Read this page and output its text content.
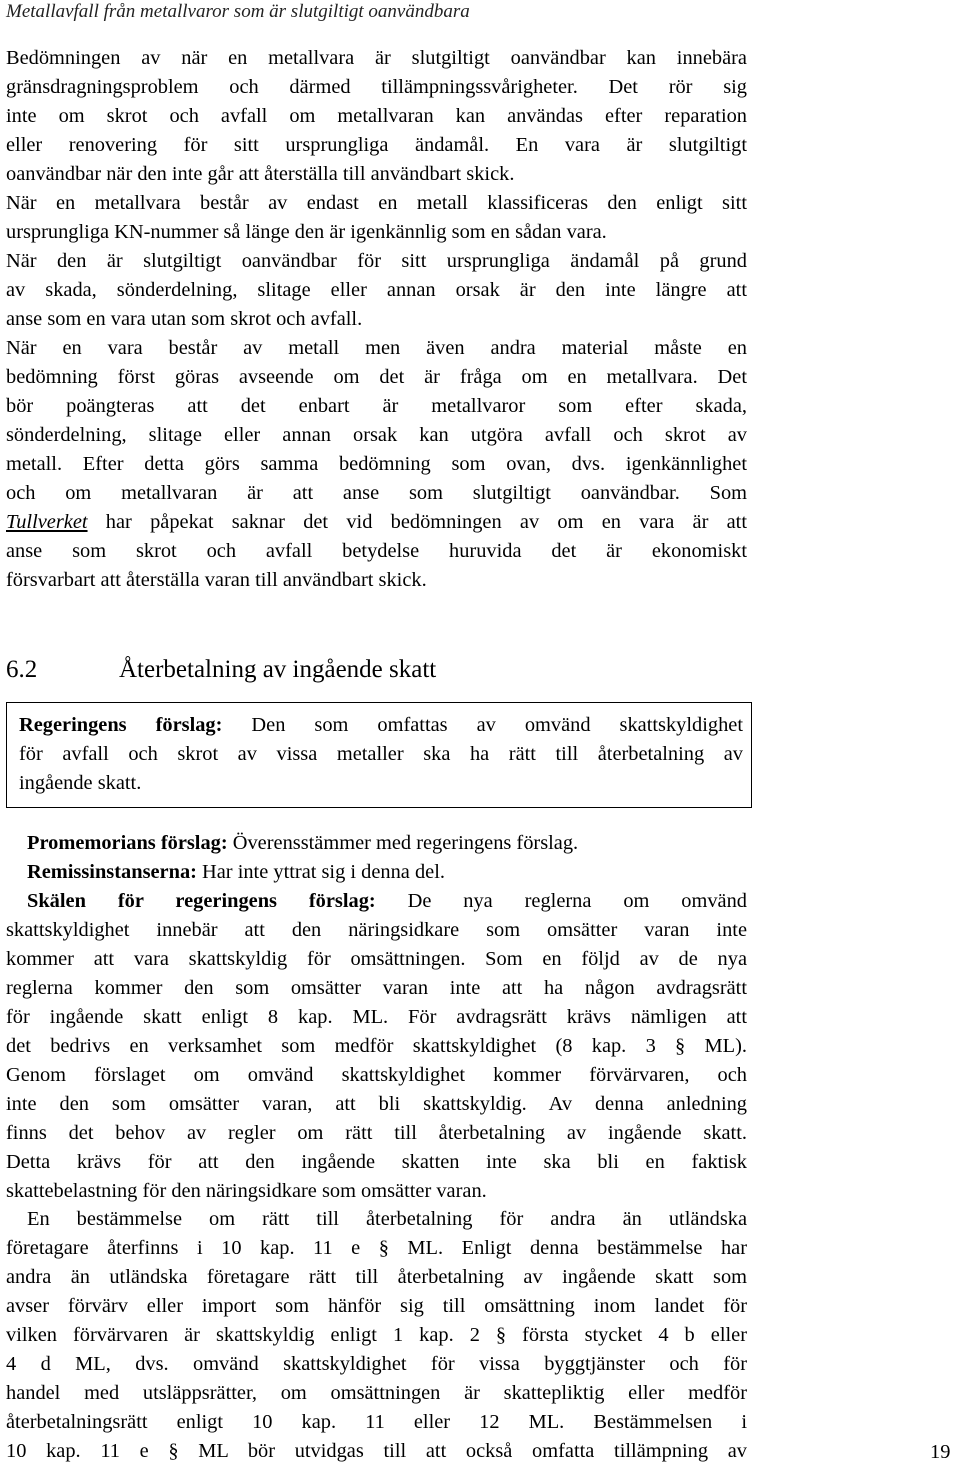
Metallavfall från metallvaror som är slutgiltigt oanvändbara

Bedömningen av när en metallvara är slutgiltigt oanvändbar kan innebära

gränsdragningsproblem och därmed tillämpningssvårigheter. Det rör sig

inte om skrot och avfall om metallvaran kan användas efter reparation

eller renovering för sitt ursprungliga ändamål. En vara är slutgiltigt

oanvändbar när den inte går att återställa till användbart skick.

När en metallvara består av endast en metall klassificeras den enligt sitt

ursprungliga KN-nummer så länge den är igenkännlig som en sådan vara.

När den är slutgiltigt oanvändbar för sitt ursprungliga ändamål på grund

av skada, sönderdelning, slitage eller annan orsak är den inte längre att

anse som en vara utan som skrot och avfall.

När en vara består av metall men även andra material måste en

bedömning först göras avseende om det är fråga om en metallvara. Det

bör poängteras att det enbart är metallvaror som efter skada,

sönderdelning, slitage eller annan orsak kan utgöra avfall och skrot av

metall. Efter detta görs samma bedömning som ovan, dvs. igenkännlighet

och om metallvaran är att anse som slutgiltigt oanvändbar. Som

Tullverket har påpekat saknar det vid bedömningen av om en vara är att

anse som skrot och avfall betydelse huruvida det är ekonomiskt

försvarbart att återställa varan till användbart skick.

6.2	Återbetalning av ingående skatt

Regeringens förslag: Den som omfattas av omvänd skattskyldighet

för avfall och skrot av vissa metaller ska ha rätt till återbetalning av

ingående skatt.

Promemorians förslag: Överensstämmer med regeringens förslag.
Remissinstanserna: Har inte yttrat sig i denna del.

Skälen för regeringens förslag: De nya reglerna om omvänd

skattskyldighet innebär att den näringsidkare som omsätter varan inte

kommer att vara skattskyldig för omsättningen. Som en följd av de nya

reglerna kommer den som omsätter varan inte att ha någon avdragsrätt

för ingående skatt enligt 8 kap. ML. För avdragsrätt krävs nämligen att

det bedrivs en verksamhet som medför skattskyldighet (8 kap. 3 § ML).

Genom förslaget om omvänd skattskyldighet kommer förvärvaren, och

inte den som omsätter varan, att bli skattskyldig. Av denna anledning

finns det behov av regler om rätt till återbetalning av ingående skatt.

Detta krävs för att den ingående skatten inte ska bli en faktisk

skattebelastning för den näringsidkare som omsätter varan.

En bestämmelse om rätt till återbetalning för andra än utländska

företagare återfinns i 10 kap. 11 e § ML. Enligt denna bestämmelse har

andra än utländska företagare rätt till återbetalning av ingående skatt som

avser förvärv eller import som hänför sig till omsättning inom landet för

vilken förvärvaren är skattskyldig enligt 1 kap. 2 § första stycket 4 b eller

4 d ML, dvs. omvänd skattskyldighet för vissa byggtjänster och för

handel med utsläppsrätter, om omsättningen är skattepliktig eller medför

återbetalningsrätt enligt 10 kap. 11 eller 12 ML. Bestämmelsen i

10 kap. 11 e § ML bör utvidgas till att också omfatta tillämpning av	19
